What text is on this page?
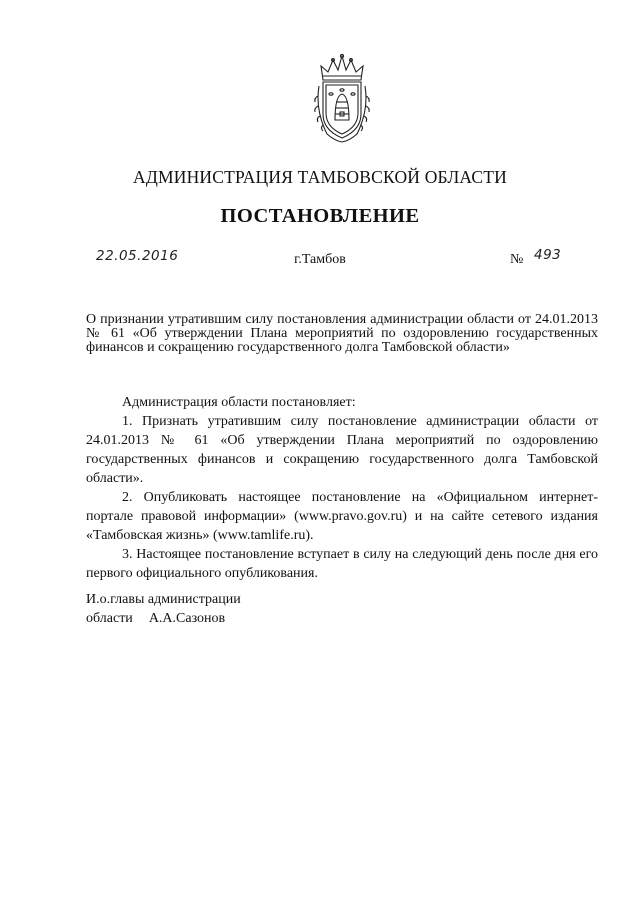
АДМИНИСТРАЦИЯ ТАМБОВСКОЙ ОБЛАСТИ
ПОСТАНОВЛЕНИЕ
22.05.2016	г.Тамбов	№ 493
О признании утратившим силу постановления администрации области от 24.01.2013 № 61 «Об утверждении Плана мероприятий по оздоровлению государственных финансов и сокращению государственного долга Тамбовской области»

Администрация области постановляет:

1. Признать утратившим силу постановление администрации области от 24.01.2013 № 61 «Об утверждении Плана мероприятий по оздоровлению государственных финансов и сокращению государственного долга Тамбовской области».

2. Опубликовать настоящее постановление на «Официальном интернет-портале правовой информации» (www.pravo.gov.ru) и на сайте сетевого издания «Тамбовская жизнь» (www.tamlife.ru).

3. Настоящее постановление вступает в силу на следующий день после дня его первого официального опубликования.

И.о.главы администрации
области А.А.Сазонов
